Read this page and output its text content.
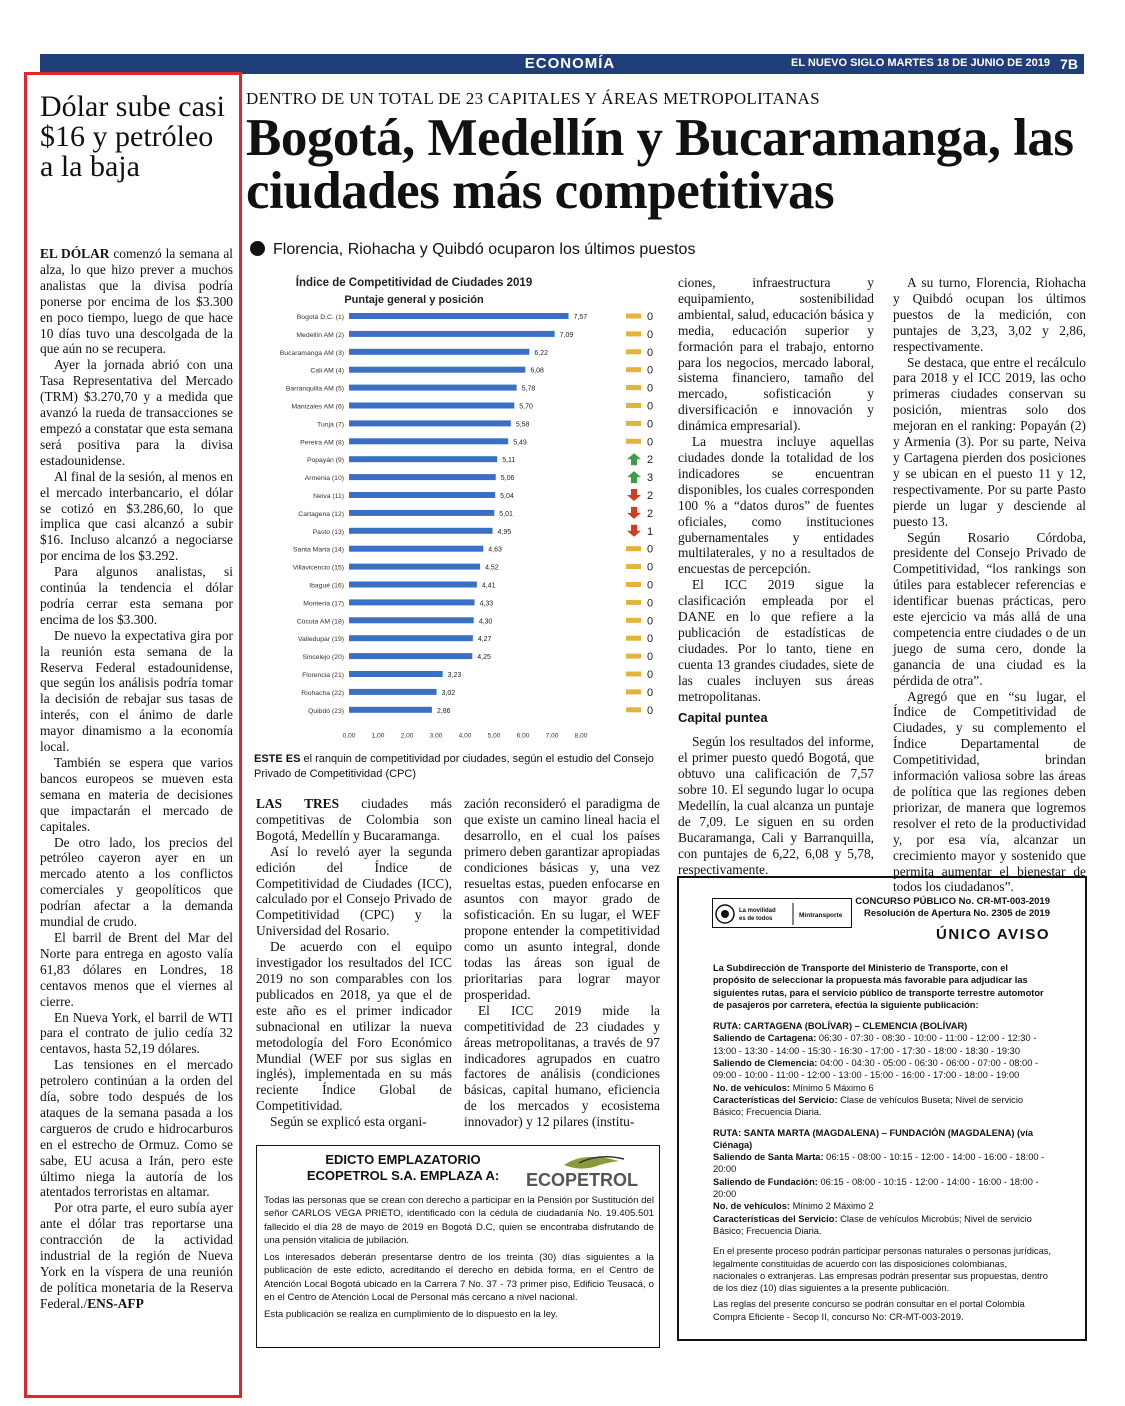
ECONOMÍA	EL NUEVO SIGLO MARTES 18 DE JUNIO DE 2019 7B
Dólar sube casi $16 y petróleo a la baja

EL DÓLAR comenzó la semana al alza, lo que hizo prever a muchos analistas que la divisa podría ponerse por encima de los $3.300 en poco tiempo, luego de que hace 10 días tuvo una descolgada de la que aún no se recupera.

Ayer la jornada abrió con una Tasa Representativa del Mercado (TRM) $3.270,70 y a medida que avanzó la rueda de transacciones se empezó a constatar que esta semana será positiva para la divisa estadounidense.

Al final de la sesión, al menos en el mercado interbancario, el dólar se cotizó en $3.286,60, lo que implica que casi alcanzó a subir $16. Incluso alcanzó a negociarse por encima de los $3.292.

Para algunos analistas, si continúa la tendencia el dólar podría cerrar esta semana por encima de los $3.300.

De nuevo la expectativa gira por la reunión esta semana de la Reserva Federal estadounidense, que según los análisis podría tomar la decisión de rebajar sus tasas de interés, con el ánimo de darle mayor dinamismo a la economía local.

También se espera que varios bancos europeos se mueven esta semana en materia de decisiones que impactarán el mercado de capitales.

De otro lado, los precios del petróleo cayeron ayer en un mercado atento a los conflictos comerciales y geopolíticos que podrían afectar a la demanda mundial de crudo.

El barril de Brent del Mar del Norte para entrega en agosto valía 61,83 dólares en Londres, 18 centavos menos que el viernes al cierre.

En Nueva York, el barril de WTI para el contrato de julio cedía 32 centavos, hasta 52,19 dólares.

Las tensiones en el mercado petrolero continúan a la orden del día, sobre todo después de los ataques de la semana pasada a los cargueros de crudo e hidrocarburos en el estrecho de Ormuz. Como se sabe, EU acusa a Irán, pero este último niega la autoría de los atentados terroristas en altamar.

Por otra parte, el euro subía ayer ante el dólar tras reportarse una contracción de la actividad industrial de la región de Nueva York en la víspera de una reunión de política monetaria de la Reserva Federal./ENS-AFP

DENTRO DE UN TOTAL DE 23 CAPITALES Y ÁREAS METROPOLITANAS
Bogotá, Medellín y Bucaramanga, las ciudades más competitivas
Florencia, Riohacha y Quibdó ocuparon los últimos puestos
Índice de Competitividad de Ciudades 2019
Puntaje general y posición
Bogotá D.C. (1)	7,57	0
Medellín AM (2)	7,09	0
Bucaramanga AM (3)	6,22	0
Cali AM (4)	6,08	0
Barranquilla AM (5)	5,78	0
Manizales AM (6)	5,70	0
Tunja (7)	5,58	0
Pereira AM (8)	5,49	0
Popayán (9)	5,11	2
Armenia (10)	5,06	3
Neiva (11)	5,04	2
Cartagena (12)	5,01	2
Pasto (13)	4,95	1
Santa Marta (14)	4,63	0
Villavicencio (15)	4,52	0
Ibagué (16)	4,41	0
Montería (17)	4,33	0
Cúcuta AM (18)	4,30	0
Valledupar (19)	4,27	0
Sincelejo (20)	4,25	0
Florencia (21)	3,23	0
Riohacha (22)	3,02	0
Quibdó (23)	2,86	0
0,00	1,00	2,00	3,00	4,00	5,00	6,00	7,00	8,00
ESTE ES el ranquin de competitividad por ciudades, según el estudio del Consejo Privado de Competitividad (CPC)

LAS TRES ciudades más competitivas de Colombia son Bogotá, Medellín y Bucaramanga.

Así lo reveló ayer la segunda edición del Índice de Competitividad de Ciudades (ICC), calculado por el Consejo Privado de Competitividad (CPC) y la Universidad del Rosario.

De acuerdo con el equipo investigador los resultados del ICC 2019 no son comparables con los publicados en 2018, ya que el de este año es el primer indicador subnacional en utilizar la nueva metodología del Foro Económico Mundial (WEF por sus siglas en inglés), implementada en su más reciente Índice Global de Competitividad.

Según se explicó esta organi-

zación reconsideró el paradigma de que existe un camino lineal hacia el desarrollo, en el cual los países primero deben garantizar apropiadas condiciones básicas y, una vez resueltas estas, pueden enfocarse en asuntos con mayor grado de sofisticación. En su lugar, el WEF propone entender la competitividad como un asunto integral, donde todas las áreas son igual de prioritarias para lograr mayor prosperidad.

El ICC 2019 mide la competitividad de 23 ciudades y áreas metropolitanas, a través de 97 indicadores agrupados en cuatro factores de análisis (condiciones básicas, capital humano, eficiencia de los mercados y ecosistema innovador) y 12 pilares (institu-

ciones, infraestructura y equipamiento, sostenibilidad ambiental, salud, educación básica y media, educación superior y formación para el trabajo, entorno para los negocios, mercado laboral, sistema financiero, tamaño del mercado, sofisticación y diversificación e innovación y dinámica empresarial).

La muestra incluye aquellas ciudades donde la totalidad de los indicadores se encuentran disponibles, los cuales corresponden 100 % a “datos duros” de fuentes oficiales, como instituciones gubernamentales y entidades multilaterales, y no a resultados de encuestas de percepción.

El ICC 2019 sigue la clasificación empleada por el DANE en lo que refiere a la publicación de estadísticas de ciudades. Por lo tanto, tiene en cuenta 13 grandes ciudades, siete de las cuales incluyen sus áreas metropolitanas.

Capital puntea

Según los resultados del informe, el primer puesto quedó Bogotá, que obtuvo una calificación de 7,57 sobre 10. El segundo lugar lo ocupa Medellín, la cual alcanza un puntaje de 7,09. Le siguen en su orden Bucaramanga, Cali y Barranquilla, con puntajes de 6,22, 6,08 y 5,78, respectivamente.

A su turno, Florencia, Riohacha y Quibdó ocupan los últimos puestos de la medición, con puntajes de 3,23, 3,02 y 2,86, respectivamente.

Se destaca, que entre el recálculo para 2018 y el ICC 2019, las ocho primeras ciudades conservan su posición, mientras solo dos mejoran en el ranking: Popayán (2) y Armenia (3). Por su parte, Neiva y Cartagena pierden dos posiciones y se ubican en el puesto 11 y 12, respectivamente. Por su parte Pasto pierde un lugar y desciende al puesto 13.

Según Rosario Córdoba, presidente del Consejo Privado de Competitividad, “los rankings son útiles para establecer referencias e identificar buenas prácticas, pero este ejercicio va más allá de una competencia entre ciudades o de un juego de suma cero, donde la ganancia de una ciudad es la pérdida de otra”.

Agregó que en “su lugar, el Índice de Competitividad de Ciudades, y su complemento el Índice Departamental de Competitividad, brindan información valiosa sobre las áreas de política que las regiones deben priorizar, de manera que logremos resolver el reto de la productividad y, por esa vía, alcanzar un crecimiento mayor y sostenido que permita aumentar el bienestar de todos los ciudadanos”.

EDICTO EMPLAZATORIO
ECOPETROL S.A. EMPLAZA A:	ECOPETROL

Todas las personas que se crean con derecho a participar en la Pensión por Sustitución del señor CARLOS VEGA PRIETO, identificado con la cédula de ciudadanía No. 19.405.501 fallecido el día 28 de mayo de 2019 en Bogotá D.C, quien se encontraba disfrutando de una pensión vitalicia de jubilación.

Los interesados deberán presentarse dentro de los treinta (30) días siguientes a la publicación de este edicto, acreditando el derecho en debida forma, en el Centro de Atención Local Bogotá ubicado en la Carrera 7 No. 37 - 73 primer piso, Edificio Teusacá, o en el Centro de Atención Local de Personal más cercano a nivel nacional.

Esta publicación se realiza en cumplimiento de lo dispuesto en la ley.

La movilidad
es de todos	Mintransporte
CONCURSO PÚBLICO No. CR-MT-003-2019
Resolución de Apertura No. 2305 de 2019
ÚNICO AVISO

La Subdirección de Transporte del Ministerio de Transporte, con el propósito de seleccionar la propuesta más favorable para adjudicar las siguientes rutas, para el servicio público de transporte terrestre automotor de pasajeros por carretera, efectúa la siguiente publicación:

RUTA: CARTAGENA (BOLÍVAR) – CLEMENCIA (BOLÍVAR)

Saliendo de Cartagena: 06:30 - 07:30 - 08:30 - 10:00 - 11:00 - 12:00 - 12:30 - 13:00 - 13:30 - 14:00 - 15:30 - 16:30 - 17:00 - 17:30 - 18:00 - 18:30 - 19:30

Saliendo de Clemencia: 04:00 - 04:30 - 05:00 - 06:30 - 06:00 - 07:00 - 08:00 - 09:00 - 10:00 - 11:00 - 12:00 - 13:00 - 15:00 - 16:00 - 17:00 - 18:00 - 19:00

No. de vehículos: Mínimo 5 Máximo 6

Características del Servicio: Clase de vehículos Buseta; Nivel de servicio Básico; Frecuencia Diaria.

RUTA: SANTA MARTA (MAGDALENA) – FUNDACIÓN (MAGDALENA) (vía Ciénaga)

Saliendo de Santa Marta: 06:15 - 08:00 - 10:15 - 12:00 - 14:00 - 16:00 - 18:00 - 20:00

Saliendo de Fundación: 06:15 - 08:00 - 10:15 - 12:00 - 14:00 - 16:00 - 18:00 - 20:00

No. de vehículos: Mínimo 2 Máximo 2

Características del Servicio: Clase de vehículos Microbús; Nivel de servicio Básico; Frecuencia Diaria.

En el presente proceso podrán participar personas naturales o personas jurídicas, legalmente constituidas de acuerdo con las disposiciones colombianas, nacionales o extranjeras. Las empresas podrán presentar sus propuestas, dentro de los diez (10) días siguientes a la presente publicación.

Las reglas del presente concurso se podrán consultar en el portal Colombia Compra Eficiente - Secop II, concurso No: CR-MT-003-2019.
